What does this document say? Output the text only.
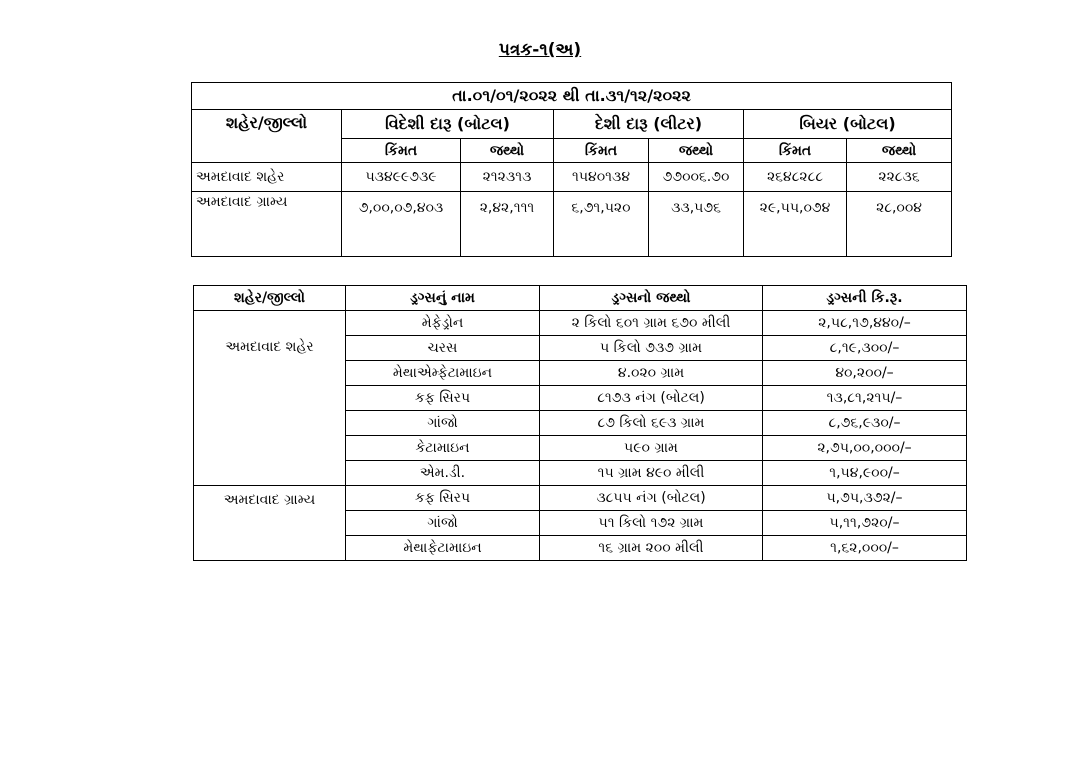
પત્રક-૧(અ)
તા.૦૧/૦૧/૨૦૨૨ થી તા.૩૧/૧૨/૨૦૨૨						
શહેર/જીલ્લો	વિદેશી દારૂ (બોટલ)		દેશી દારૂ (લીટર)		બિયર (બોટલ)	
	કિંમત	જથ્થો	કિંમત	જથ્થો	કિંમત	જથ્થો
અમદાવાદ શહેર	૫૩૪૯૯૭૩૯	૨૧૨૩૧૩	૧૫૪૦૧૩૪	૭૭૦૦૬.૭૦	૨૬૪૮૨૮૮	૨૨૮૩૬
અમદાવાદ ગ્રામ્ય	૭,૦૦,૦૭,૪૦૩	૨,૪૨,૧૧૧	૬,૭૧,૫૨૦	૩૩,૫૭૬	૨૯,૫૫,૦૭૪	૨૮,૦૦૪
શહેર/જીલ્લો	ડ્રગ્સનું નામ	ડ્રગ્સનો જથ્થો	ડ્રગ્સની કિ.રૂ.
અમદાવાદ શહેર	મેફેડ્રોન	૨ કિલો ૬૦૧ ગ્રામ ૬૭૦ મીલી	૨,૫૮,૧૭,૪૪૦/–
	ચરસ	૫ કિલો ૭૩૭ ગ્રામ	૮,૧૯,૩૦૦/–
	મેથાએમ્ફેટામાઇન	૪.૦૨૦ ગ્રામ	૪૦,૨૦૦/–
	કફ સિરપ	૮૧૭૩ નંગ (બોટલ)	૧૩,૮૧,૨૧૫/–
	ગાંજો	૮૭ કિલો ૬૯૩ ગ્રામ	૮,૭૬,૯૩૦/–
	કેટામાઇન	૫૯૦ ગ્રામ	૨,૭૫,૦૦,૦૦૦/–
	એમ.ડી.	૧૫ ગ્રામ ૪૯૦ મીલી	૧,૫૪,૯૦૦/–
અમદાવાદ ગ્રામ્ય	કફ સિરપ	૩૮૫૫ નંગ (બોટલ)	૫,૭૫,૩૭૨/–
	ગાંજો	૫૧ કિલો ૧૭૨ ગ્રામ	૫,૧૧,૭૨૦/–
	મેથાફેટામાઇન	૧૬ ગ્રામ ૨૦૦ મીલી	૧,૬૨,૦૦૦/–
